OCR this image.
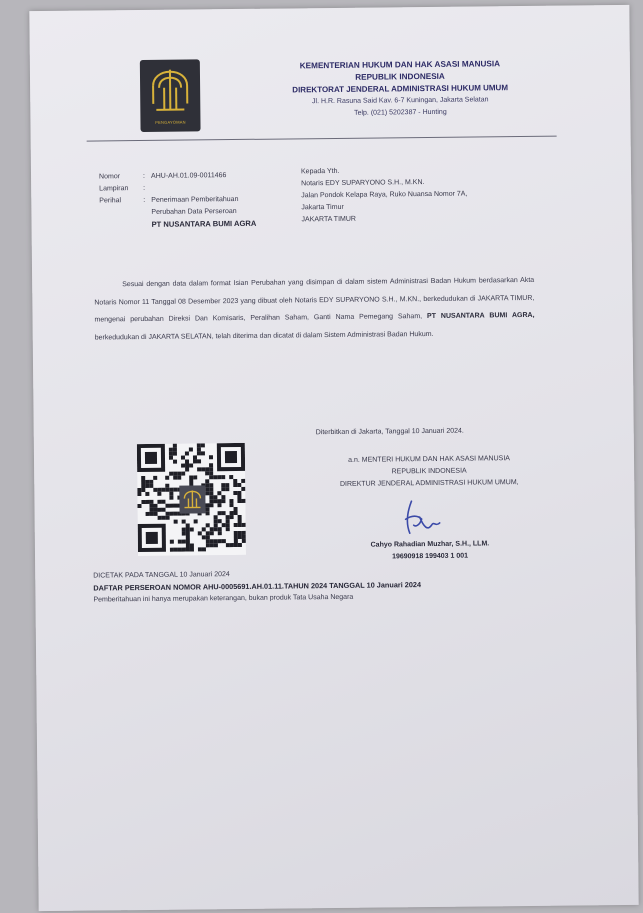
PENGAYOMAN
KEMENTERIAN HUKUM DAN HAK ASASI MANUSIA
REPUBLIK INDONESIA
DIREKTORAT JENDERAL ADMINISTRASI HUKUM UMUM
Jl. H.R. Rasuna Said Kav. 6-7 Kuningan, Jakarta Selatan
Telp. (021) 5202387 - Hunting
Nomor	: AHU-AH.01.09-0011466
Lampiran	:
Perihal	: Penerimaan Pemberitahuan
Perubahan Data Perseroan
PT NUSANTARA BUMI AGRA
Kepada Yth.
Notaris EDY SUPARYONO S.H., M.KN.
Jalan Pondok Kelapa Raya, Ruko Nuansa Nomor 7A,
Jakarta Timur
JAKARTA TIMUR
Sesuai dengan data dalam format Isian Perubahan yang disimpan di dalam sistem Administrasi Badan Hukum berdasarkan Akta Notaris Nomor 11 Tanggal 08 Desember 2023 yang dibuat oleh Notaris EDY SUPARYONO S.H., M.KN., berkedudukan di JAKARTA TIMUR, mengenai perubahan Direksi Dan Komisaris, Peralihan Saham, Ganti Nama Pemegang Saham, PT NUSANTARA BUMI AGRA, berkedudukan di JAKARTA SELATAN, telah diterima dan dicatat di dalam Sistem Administrasi Badan Hukum.
Diterbitkan di Jakarta, Tanggal 10 Januari 2024.
a.n. MENTERI HUKUM DAN HAK ASASI MANUSIA
REPUBLIK INDONESIA
DIREKTUR JENDERAL ADMINISTRASI HUKUM UMUM,
Cahyo Rahadian Muzhar, S.H., LLM.
19690918 199403 1 001
DICETAK PADA TANGGAL 10 Januari 2024
DAFTAR PERSEROAN NOMOR AHU-0005691.AH.01.11.TAHUN 2024 TANGGAL 10 Januari 2024
Pemberitahuan ini hanya merupakan keterangan, bukan produk Tata Usaha Negara
